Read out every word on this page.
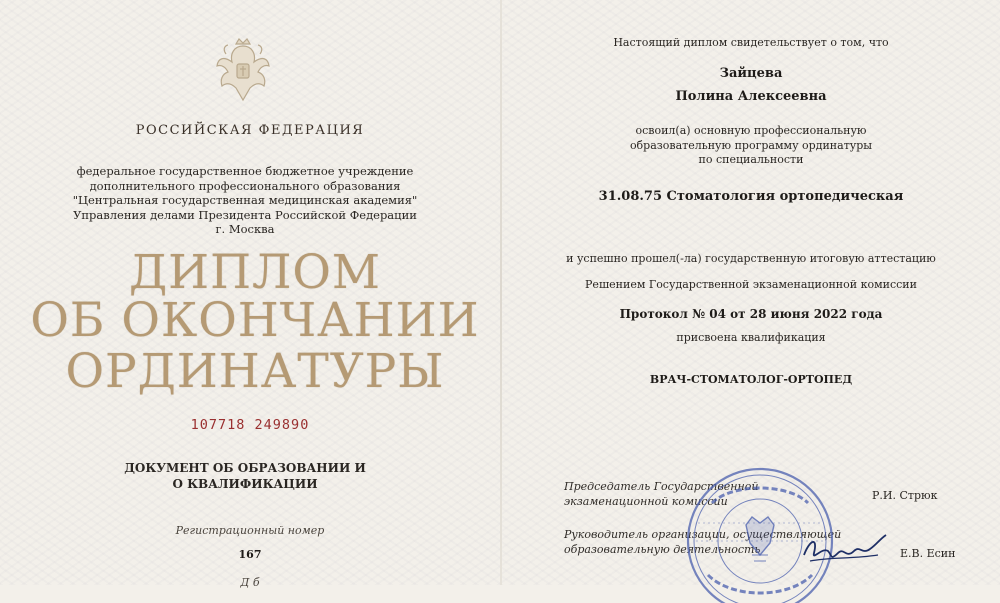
РОССИЙСКАЯ ФЕДЕРАЦИЯ
федеральное государственное бюджетное учреждение
дополнительного профессионального образования
"Центральная государственная медицинская академия"
Управления делами Президента Российской Федерации
г. Москва
ДИПЛОМ
ОБ ОКОНЧАНИИ
ОРДИНАТУРЫ
107718 249890
ДОКУМЕНТ ОБ ОБРАЗОВАНИИ И
О КВАЛИФИКАЦИИ
Регистрационный номер
167
Д б
Настоящий диплом свидетельствует о том, что
Зайцева
Полина Алексеевна
освоил(а) основную профессиональную
образовательную программу ординатуры
по специальности
31.08.75 Стоматология ортопедическая
и успешно прошел(-ла) государственную итоговую аттестацию
Решением Государственной экзаменационной комиссии
Протокол № 04 от 28 июня 2022 года
присвоена квалификация
ВРАЧ-СТОМАТОЛОГ-ОРТОПЕД
Председатель Государственной
экзаменационной комиссии	Р.И. Стрюк
Руководитель организации, осуществляющей
образовательную деятельность	Е.В. Есин
